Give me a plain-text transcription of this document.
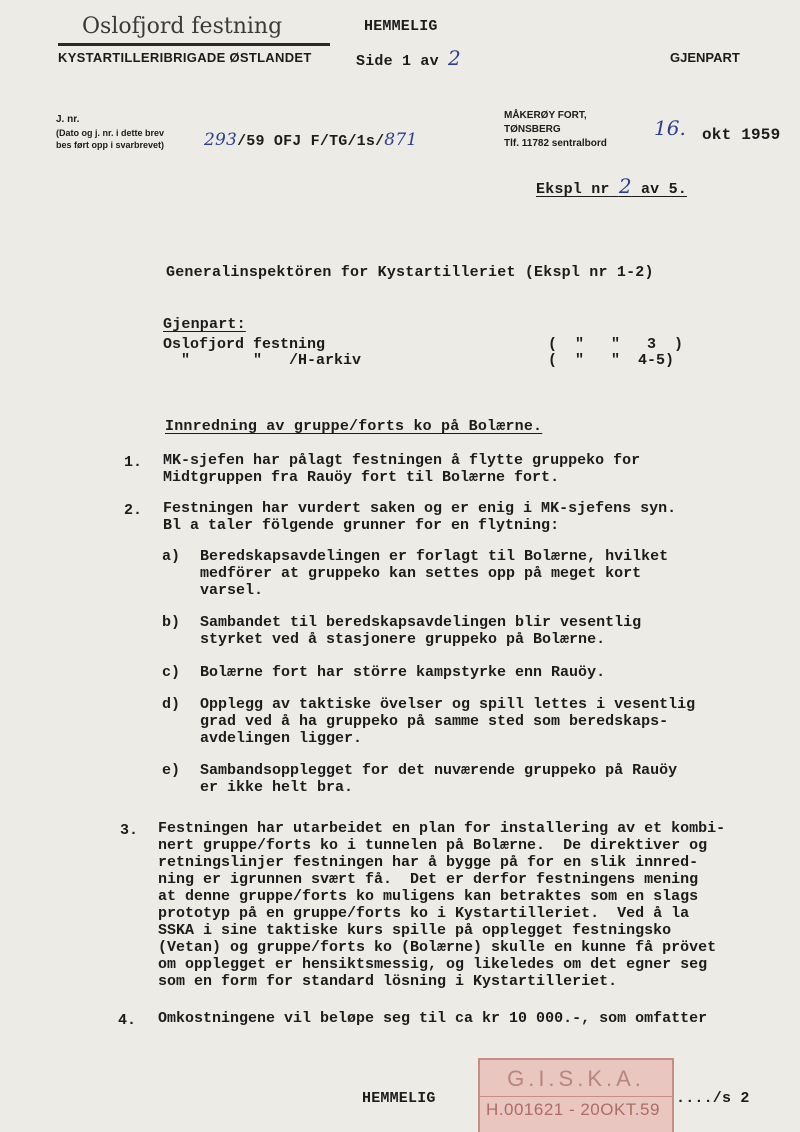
Oslofjord festning
KYSTARTILLERIBRIGADE ØSTLANDET
HEMMELIG
Side 1 av 2	GJENPART
J. nr.
(Dato og j. nr. i dette brev
bes ført opp i svarbrevet) 293/59 OFJ F/TG/1s/871
MÅKERØY FORT,
TØNSBERG
Tlf. 11782 sentralbord
16. okt 1959
Ekspl nr 2 av 5.
Generalinspektören for Kystartilleriet (Ekspl nr 1-2)
Gjenpart:
Oslofjord festning	(  "   "   3  )
"       "   /H-arkiv	(  "   "  4-5)
Innredning av gruppe/forts ko på Bolærne.
1. MK-sjefen har pålagt festningen å flytte gruppeko for
Midtgruppen fra Rauöy fort til Bolærne fort.
2. Festningen har vurdert saken og er enig i MK-sjefens syn.
Bl a taler fölgende grunner for en flytning:
a) Beredskapsavdelingen er forlagt til Bolærne, hvilket
medförer at gruppeko kan settes opp på meget kort
varsel.
b) Sambandet til beredskapsavdelingen blir vesentlig
styrket ved å stasjonere gruppeko på Bolærne.
c) Bolærne fort har större kampstyrke enn Rauöy.
d) Opplegg av taktiske övelser og spill lettes i vesentlig
grad ved å ha gruppeko på samme sted som beredskaps-
avdelingen ligger.
e) Sambandsopplegget for det nuværende gruppeko på Rauöy
er ikke helt bra.
3. Festningen har utarbeidet en plan for installering av et kombi-
nert gruppe/forts ko i tunnelen på Bolærne.  De direktiver og
retningslinjer festningen har å bygge på for en slik innred-
ning er igrunnen svært få.  Det er derfor festningens mening
at denne gruppe/forts ko muligens kan betraktes som en slags
prototyp på en gruppe/forts ko i Kystartilleriet.  Ved å la
SSKA i sine taktiske kurs spille på opplegget festningsko
(Vetan) og gruppe/forts ko (Bolærne) skulle en kunne få prövet
om opplegget er hensiktsmessig, og likeledes om det egner seg
som en form for standard lösning i Kystartilleriet.
4. Omkostningene vil beløpe seg til ca kr 10 000.-, som omfatter
HEMMELIG	..../s 2
G.I.S.K.A.
H.001621 - 20OKT.59
